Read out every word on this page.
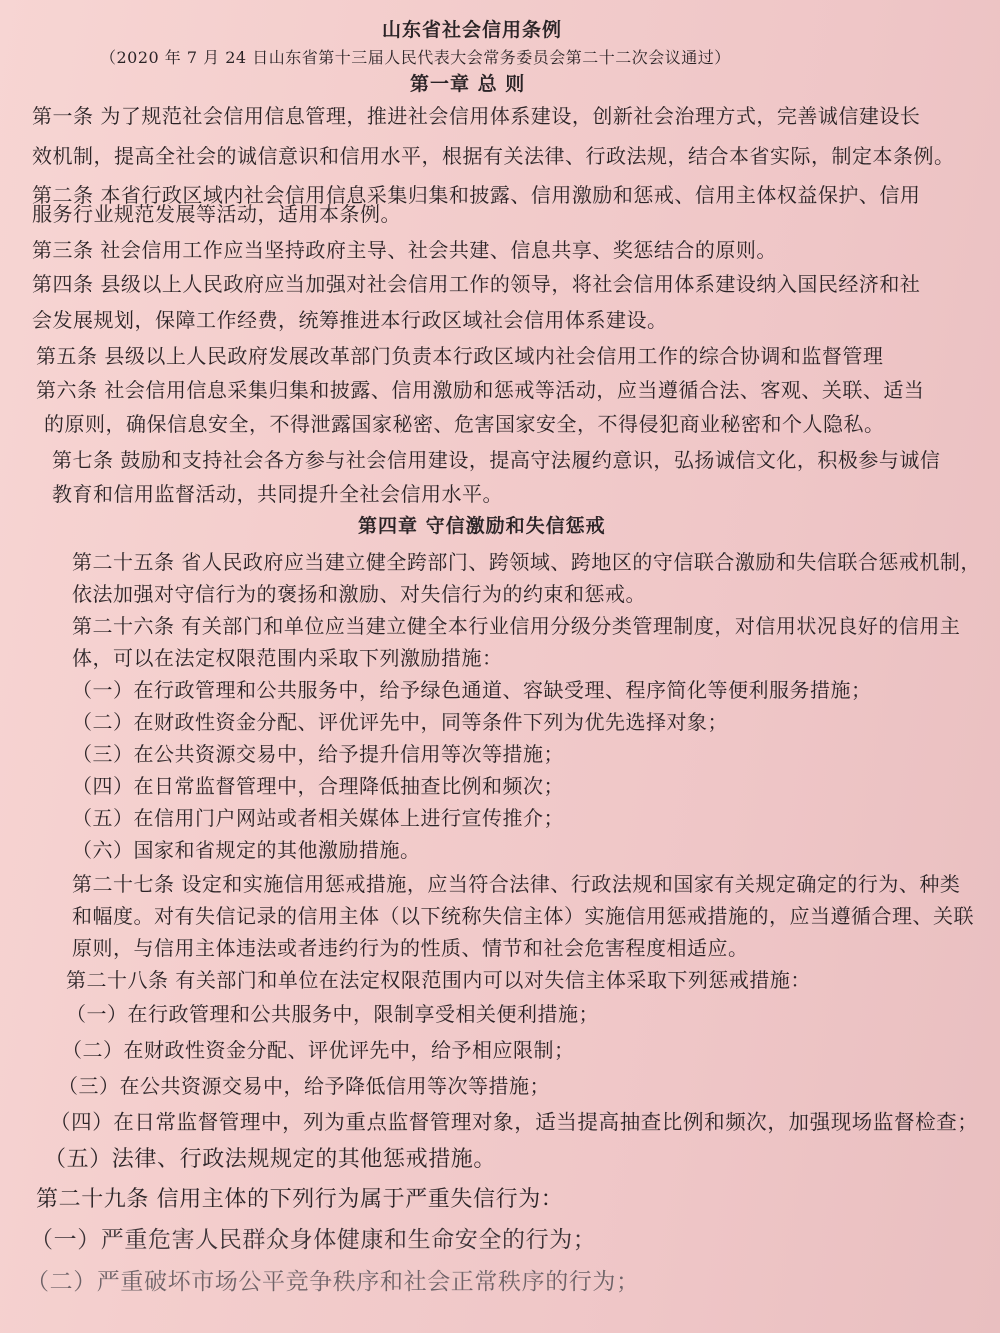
山东省社会信用条例
（2020 年 7 月 24 日山东省第十三届人民代表大会常务委员会第二十二次会议通过）
第一章 总 则
第一条 为了规范社会信用信息管理，推进社会信用体系建设，创新社会治理方式，完善诚信建设长
效机制，提高全社会的诚信意识和信用水平，根据有关法律、行政法规，结合本省实际，制定本条例。
第二条 本省行政区域内社会信用信息采集归集和披露、信用激励和惩戒、信用主体权益保护、信用
服务行业规范发展等活动，适用本条例。
第三条 社会信用工作应当坚持政府主导、社会共建、信息共享、奖惩结合的原则。
第四条 县级以上人民政府应当加强对社会信用工作的领导，将社会信用体系建设纳入国民经济和社
会发展规划，保障工作经费，统筹推进本行政区域社会信用体系建设。
第五条 县级以上人民政府发展改革部门负责本行政区域内社会信用工作的综合协调和监督管理
第六条 社会信用信息采集归集和披露、信用激励和惩戒等活动，应当遵循合法、客观、关联、适当
的原则，确保信息安全，不得泄露国家秘密、危害国家安全，不得侵犯商业秘密和个人隐私。
第七条 鼓励和支持社会各方参与社会信用建设，提高守法履约意识，弘扬诚信文化，积极参与诚信
教育和信用监督活动，共同提升全社会信用水平。
第四章 守信激励和失信惩戒
第二十五条 省人民政府应当建立健全跨部门、跨领域、跨地区的守信联合激励和失信联合惩戒机制，
依法加强对守信行为的褒扬和激励、对失信行为的约束和惩戒。
第二十六条 有关部门和单位应当建立健全本行业信用分级分类管理制度，对信用状况良好的信用主
体，可以在法定权限范围内采取下列激励措施：
（一）在行政管理和公共服务中，给予绿色通道、容缺受理、程序简化等便利服务措施；
（二）在财政性资金分配、评优评先中，同等条件下列为优先选择对象；
（三）在公共资源交易中，给予提升信用等次等措施；
（四）在日常监督管理中，合理降低抽查比例和频次；
（五）在信用门户网站或者相关媒体上进行宣传推介；
（六）国家和省规定的其他激励措施。
第二十七条 设定和实施信用惩戒措施，应当符合法律、行政法规和国家有关规定确定的行为、种类
和幅度。对有失信记录的信用主体（以下统称失信主体）实施信用惩戒措施的，应当遵循合理、关联
原则，与信用主体违法或者违约行为的性质、情节和社会危害程度相适应。
第二十八条 有关部门和单位在法定权限范围内可以对失信主体采取下列惩戒措施：
（一）在行政管理和公共服务中，限制享受相关便利措施；
（二）在财政性资金分配、评优评先中，给予相应限制；
（三）在公共资源交易中，给予降低信用等次等措施；
（四）在日常监督管理中，列为重点监督管理对象，适当提高抽查比例和频次，加强现场监督检查；
（五）法律、行政法规规定的其他惩戒措施。
第二十九条 信用主体的下列行为属于严重失信行为：
（一）严重危害人民群众身体健康和生命安全的行为；
（二）严重破坏市场公平竞争秩序和社会正常秩序的行为；
